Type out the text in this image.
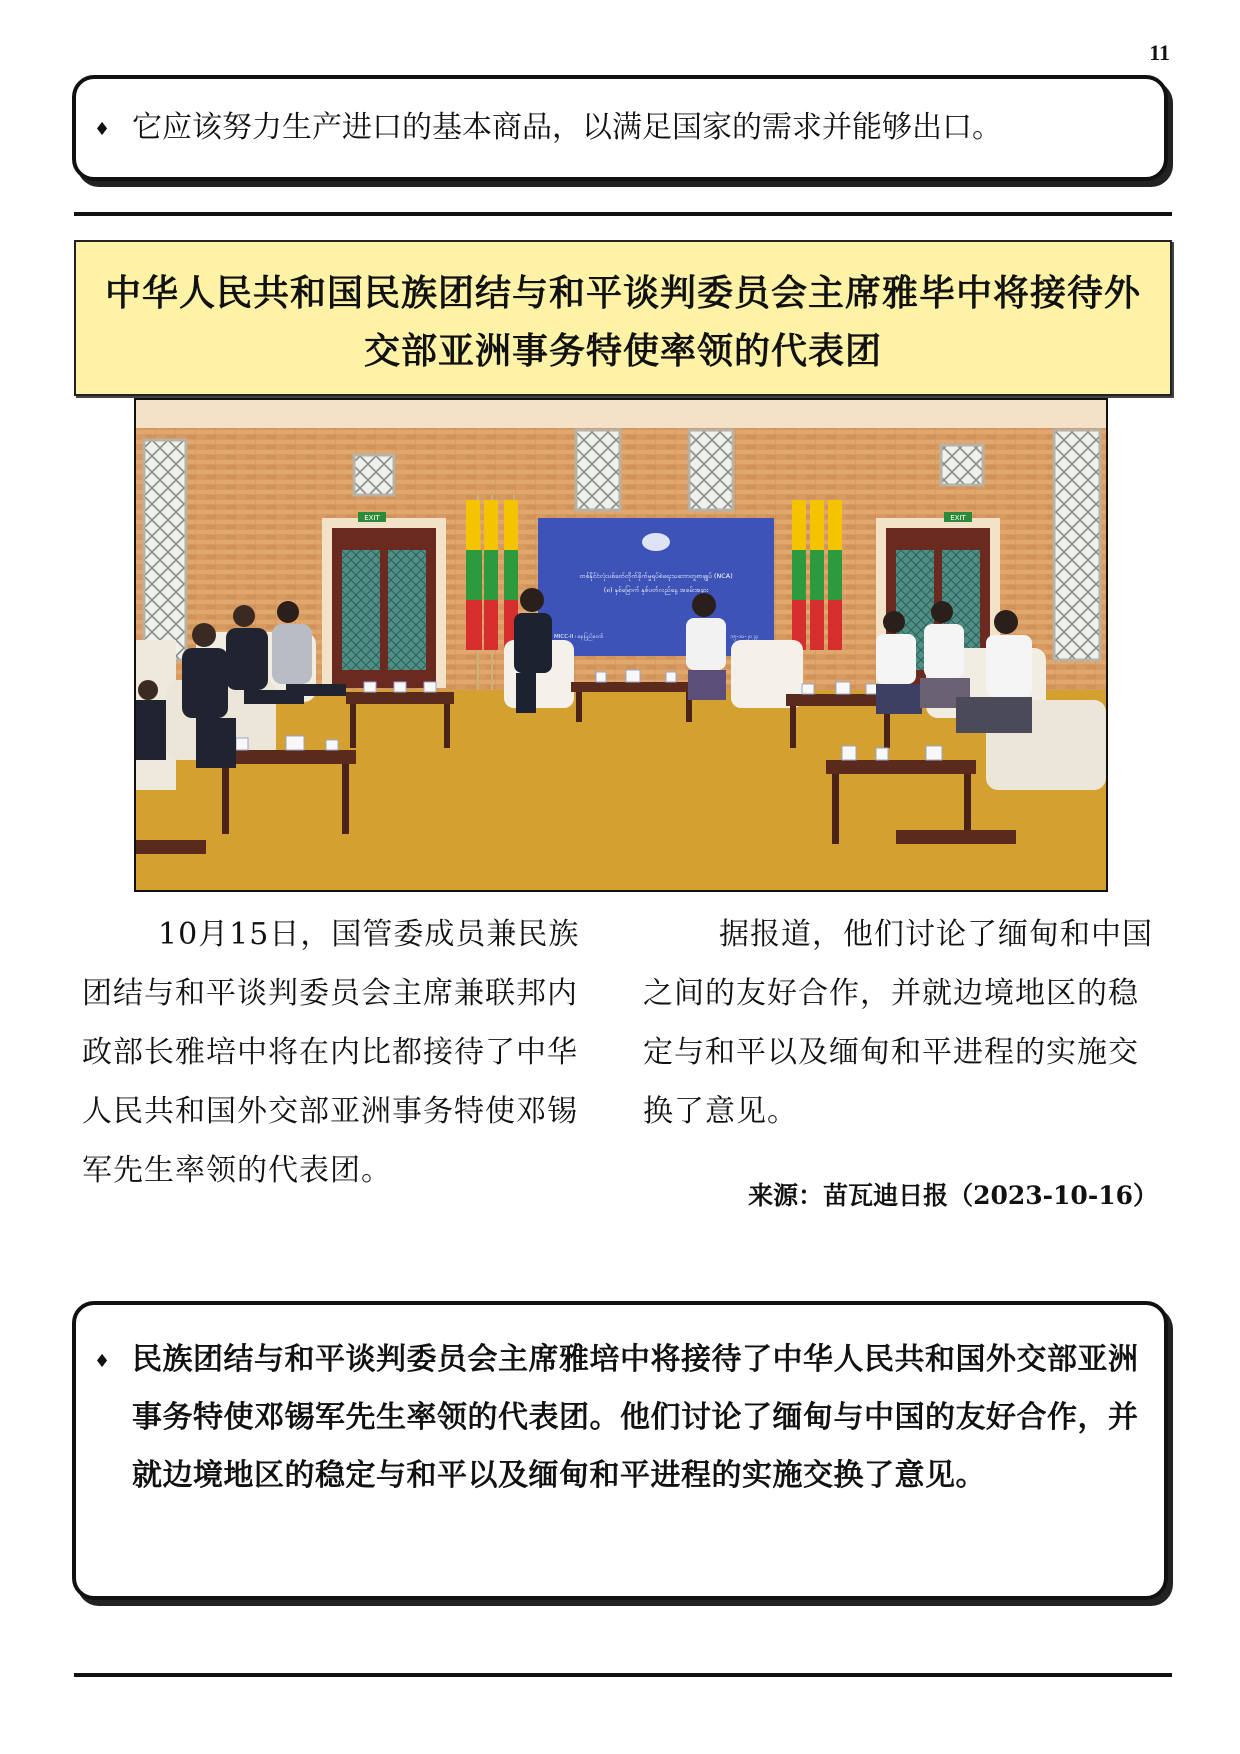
11
♦ 它应该努力生产进口的基本商品，以满足国家的需求并能够出口。
中华人民共和国民族团结与和平谈判委员会主席雅毕中将接待外交部亚洲事务特使率领的代表团
EXIT	EXIT
တစ်နိုင်ငံလုံးပစ်ခတ်တိုက်ခိုက်မှုရပ်စဲရေးသဘောတူစာချုပ် (NCA)
(၈) နှစ်မြောက် နှစ်ပတ်လည်နေ့ အခမ်းအနား
MICC-II ၊ နေပြည်တော်	၁၅-၁၀-၂၀၂၃
10月15日，国管委成员兼民族团结与和平谈判委员会主席兼联邦内政部长雅培中将在内比都接待了中华人民共和国外交部亚洲事务特使邓锡军先生率领的代表团。
据报道，他们讨论了缅甸和中国之间的友好合作，并就边境地区的稳定与和平以及缅甸和平进程的实施交换了意见。
来源：苗瓦迪日报（2023-10-16）
♦ 民族团结与和平谈判委员会主席雅培中将接待了中华人民共和国外交部亚洲事务特使邓锡军先生率领的代表团。他们讨论了缅甸与中国的友好合作，并就边境地区的稳定与和平以及缅甸和平进程的实施交换了意见。
